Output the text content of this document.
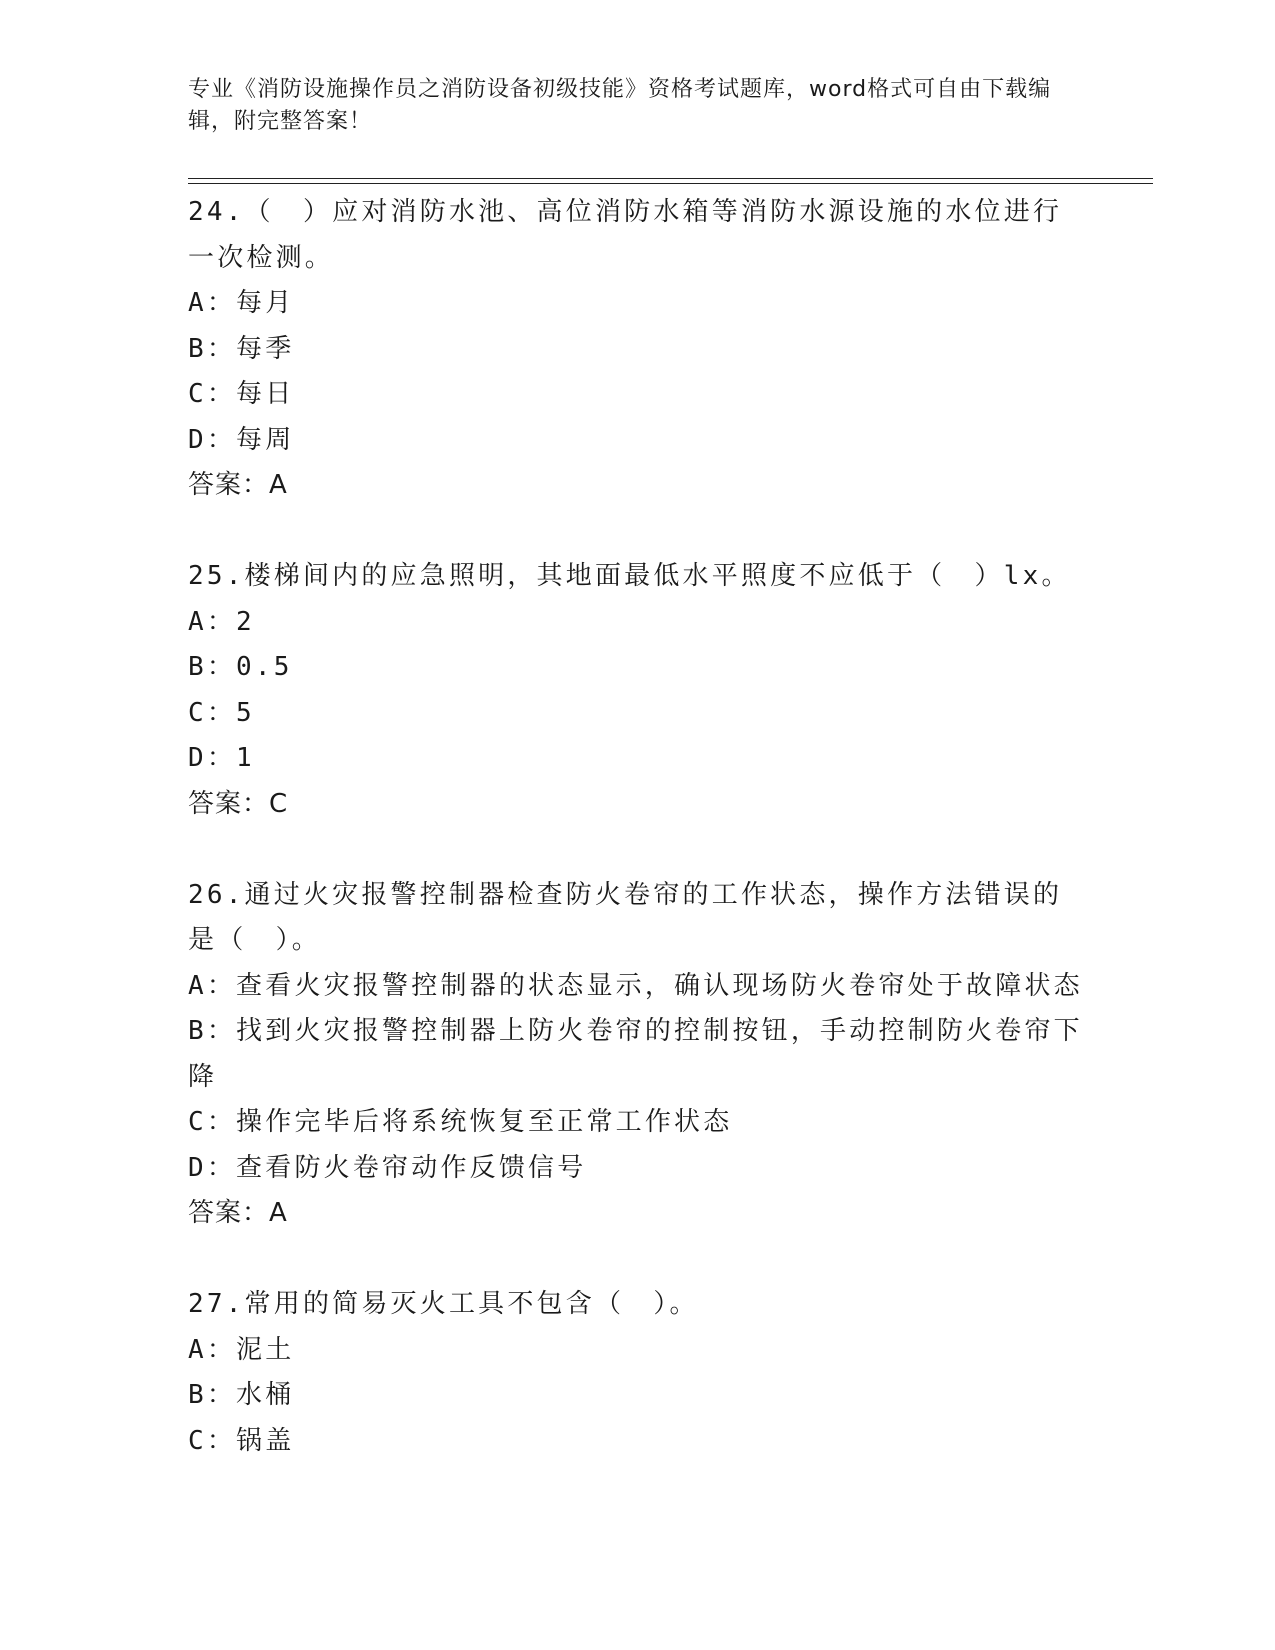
专业《消防设施操作员之消防设备初级技能》资格考试题库，word格式可自由下载编辑，附完整答案！

24.（　）应对消防水池、高位消防水箱等消防水源设施的水位进行一次检测。

A：每月

B：每季

C：每日

D：每周

答案：A

25.楼梯间内的应急照明，其地面最低水平照度不应低于（　）lx。

A：2

B：0.5

C：5

D：1

答案：C

26.通过火灾报警控制器检查防火卷帘的工作状态，操作方法错误的是（　）。

A：查看火灾报警控制器的状态显示，确认现场防火卷帘处于故障状态

B：找到火灾报警控制器上防火卷帘的控制按钮，手动控制防火卷帘下降

C：操作完毕后将系统恢复至正常工作状态

D：查看防火卷帘动作反馈信号

答案：A

27.常用的简易灭火工具不包含（　）。

A：泥土

B：水桶

C：锅盖
